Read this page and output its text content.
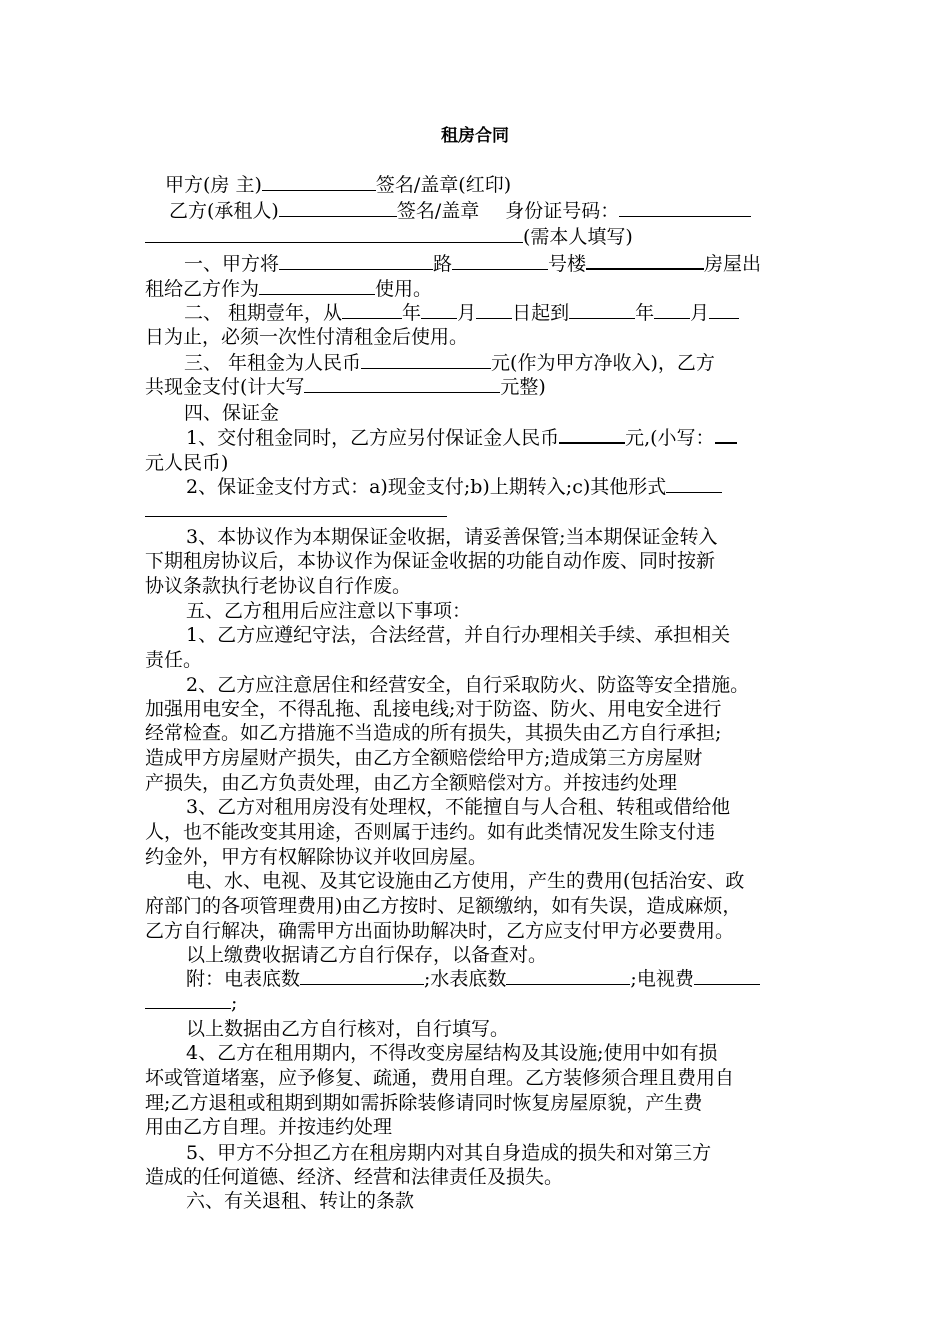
租房合同
甲方(房 主)	签名/盖章(红印)
乙方(承租人)	签名/盖章 身份证号码：
(需本人填写)
一、甲方将	路	号楼	房屋出
租给乙方作为	使用。
二、 租期壹年，从	年 月 日起到	年 月
日为止，必须一次性付清租金后使用。
三、 年租金为人民币	元(作为甲方净收入)，乙方
共现金支付(计大写	元整)
四、保证金
1、交付租金同时，乙方应另付保证金人民币	元,(小写：
元人民币)
2、保证金支付方式：a)现金支付;b)上期转入;c)其他形式
3、本协议作为本期保证金收据，请妥善保管;当本期保证金转入
下期租房协议后，本协议作为保证金收据的功能自动作废、同时按新
协议条款执行老协议自行作废。
五、乙方租用后应注意以下事项：
1、乙方应遵纪守法，合法经营，并自行办理相关手续、承担相关
责任。
2、乙方应注意居住和经营安全，自行采取防火、防盗等安全措施。
加强用电安全，不得乱拖、乱接电线;对于防盗、防火、用电安全进行
经常检查。如乙方措施不当造成的所有损失，其损失由乙方自行承担;
造成甲方房屋财产损失，由乙方全额赔偿给甲方;造成第三方房屋财
产损失，由乙方负责处理，由乙方全额赔偿对方。并按违约处理
3、乙方对租用房没有处理权，不能擅自与人合租、转租或借给他
人，也不能改变其用途，否则属于违约。如有此类情况发生除支付违
约金外，甲方有权解除协议并收回房屋。
电、水、电视、及其它设施由乙方使用，产生的费用(包括治安、政
府部门的各项管理费用)由乙方按时、足额缴纳，如有失误，造成麻烦，
乙方自行解决，确需甲方出面协助解决时，乙方应支付甲方必要费用。
以上缴费收据请乙方自行保存，以备查对。
附：电表底数	;水表底数	;电视费
;
以上数据由乙方自行核对，自行填写。
4、乙方在租用期内，不得改变房屋结构及其设施;使用中如有损
坏或管道堵塞，应予修复、疏通，费用自理。乙方装修须合理且费用自
理;乙方退租或租期到期如需拆除装修请同时恢复房屋原貌，产生费
用由乙方自理。并按违约处理
5、甲方不分担乙方在租房期内对其自身造成的损失和对第三方
造成的任何道德、经济、经营和法律责任及损失。
六、有关退租、转让的条款
